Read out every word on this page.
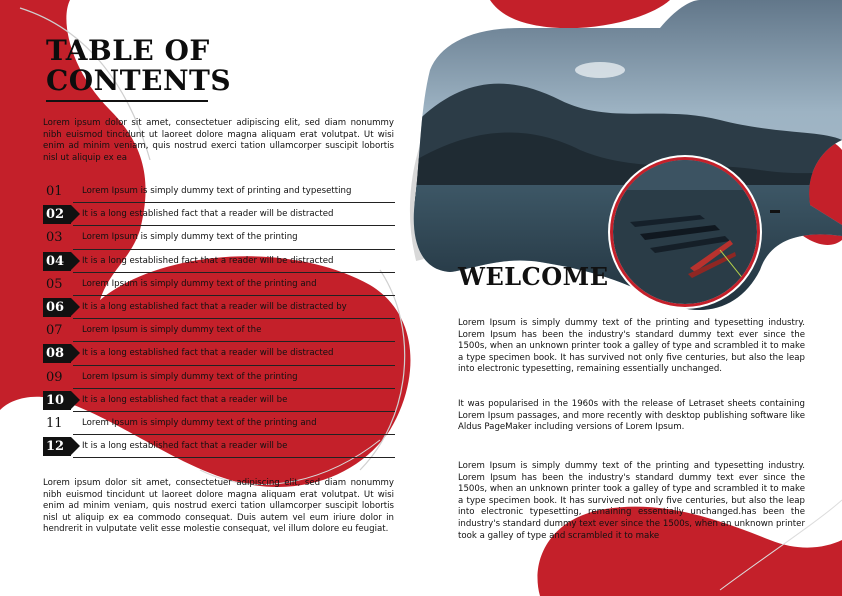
TABLE OF
CONTENTS

Lorem ipsum dolor sit amet, consectetuer adipiscing elit, sed diam nonummy nibh euismod tincidunt ut laoreet dolore magna aliquam erat volutpat. Ut wisi enim ad minim veniam, quis nostrud exerci tation ullamcorper suscipit lobortis nisl ut aliquip ex ea

01	Lorem Ipsum is simply dummy text of printing and typesetting
02	It is a long established fact that a reader will be distracted
03	Lorem Ipsum is simply dummy text of the printing
04	It is a long established fact that a reader will be distracted
05	Lorem Ipsum is simply dummy text of the printing and
06	It is a long established fact that a reader will be distracted by
07	Lorem Ipsum is simply dummy text of the
08	It is a long established fact that a reader will be distracted
09	Lorem Ipsum is simply dummy text of the printing
10	It is a long established fact that a reader will be
11	Lorem Ipsum is simply dummy text of the printing and
12	It is a long established fact that a reader will be

Lorem ipsum dolor sit amet, consectetuer adipiscing elit, sed diam nonummy nibh euismod tincidunt ut laoreet dolore magna aliquam erat volutpat. Ut wisi enim ad minim veniam, quis nostrud exerci tation ullamcorper suscipit lobortis nisl ut aliquip ex ea commodo consequat. Duis autem vel eum iriure dolor in hendrerit in vulputate velit esse molestie consequat, vel illum dolore eu feugiat.

WELCOME

Lorem Ipsum is simply dummy text of the printing and typesetting industry. Lorem Ipsum has been the industry's standard dummy text ever since the 1500s, when an unknown printer took a galley of type and scrambled it to make a type specimen book. It has survived not only five centuries, but also the leap into electronic typesetting, remaining essentially unchanged.

It was popularised in the 1960s with the release of Letraset sheets containing Lorem Ipsum passages, and more recently with desktop publishing software like Aldus PageMaker including versions of Lorem Ipsum.

Lorem Ipsum is simply dummy text of the printing and typesetting industry. Lorem Ipsum has been the industry's standard dummy text ever since the 1500s, when an unknown printer took a galley of type and scrambled it to make a type specimen book. It has survived not only five centuries, but also the leap into electronic typesetting, remaining essentially unchanged.has been the industry's standard dummy text ever since the 1500s, when an unknown printer took a galley of type and scrambled it to make
